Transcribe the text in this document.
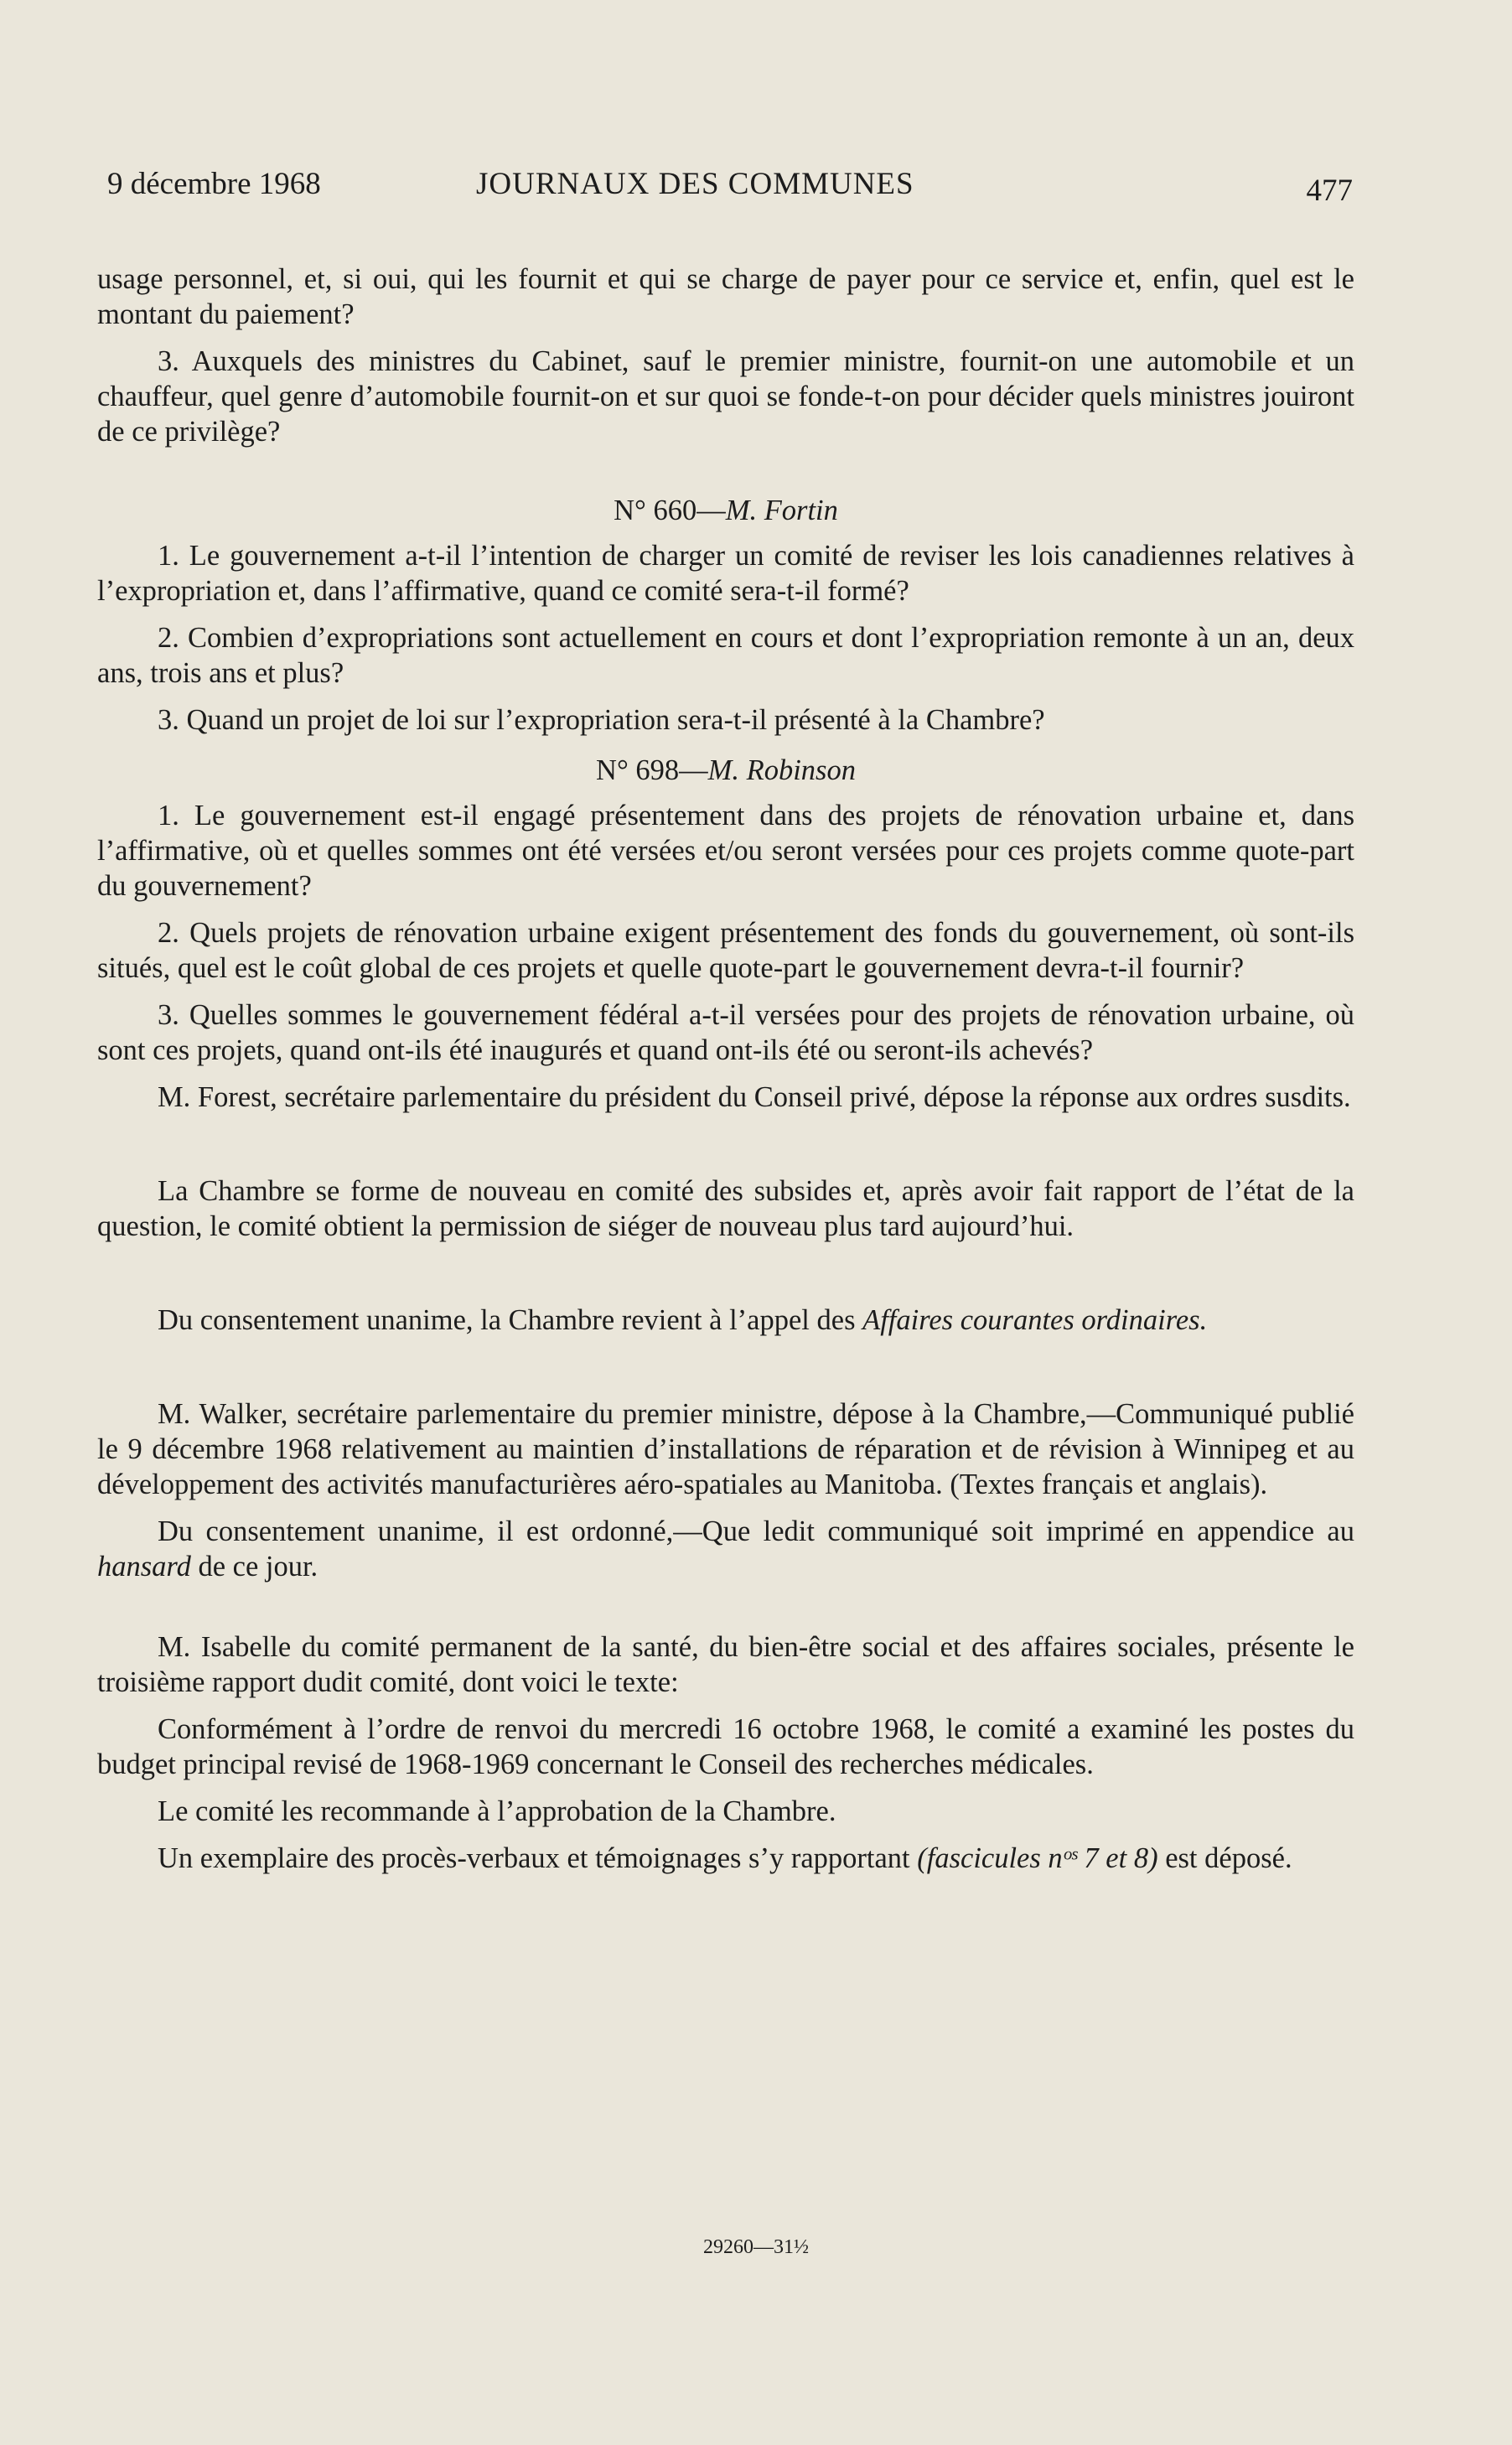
9 décembre 1968	JOURNAUX DES COMMUNES	477

usage personnel, et, si oui, qui les fournit et qui se charge de payer pour ce service et, enfin, quel est le montant du paiement?

3. Auxquels des ministres du Cabinet, sauf le premier ministre, fournit-on une automobile et un chauffeur, quel genre d’automobile fournit-on et sur quoi se fonde-t-on pour décider quels ministres jouiront de ce privilège?

N° 660—M. Fortin

1. Le gouvernement a-t-il l’intention de charger un comité de reviser les lois canadiennes relatives à l’expropriation et, dans l’affirmative, quand ce comité sera-t-il formé?

2. Combien d’expropriations sont actuellement en cours et dont l’expropriation remonte à un an, deux ans, trois ans et plus?

3. Quand un projet de loi sur l’expropriation sera-t-il présenté à la Chambre?

N° 698—M. Robinson

1. Le gouvernement est-il engagé présentement dans des projets de rénovation urbaine et, dans l’affirmative, où et quelles sommes ont été versées et/ou seront versées pour ces projets comme quote-part du gouvernement?

2. Quels projets de rénovation urbaine exigent présentement des fonds du gouvernement, où sont-ils situés, quel est le coût global de ces projets et quelle quote-part le gouvernement devra-t-il fournir?

3. Quelles sommes le gouvernement fédéral a-t-il versées pour des projets de rénovation urbaine, où sont ces projets, quand ont-ils été inaugurés et quand ont-ils été ou seront-ils achevés?

M. Forest, secrétaire parlementaire du président du Conseil privé, dépose la réponse aux ordres susdits.

La Chambre se forme de nouveau en comité des subsides et, après avoir fait rapport de l’état de la question, le comité obtient la permission de siéger de nouveau plus tard aujourd’hui.

Du consentement unanime, la Chambre revient à l’appel des Affaires courantes ordinaires.

M. Walker, secrétaire parlementaire du premier ministre, dépose à la Chambre,—Communiqué publié le 9 décembre 1968 relativement au maintien d’installations de réparation et de révision à Winnipeg et au développement des activités manufacturières aéro-spatiales au Manitoba. (Textes français et anglais).

Du consentement unanime, il est ordonné,—Que ledit communiqué soit imprimé en appendice au hansard de ce jour.

M. Isabelle du comité permanent de la santé, du bien-être social et des affaires sociales, présente le troisième rapport dudit comité, dont voici le texte:

Conformément à l’ordre de renvoi du mercredi 16 octobre 1968, le comité a examiné les postes du budget principal revisé de 1968-1969 concernant le Conseil des recherches médicales.

Le comité les recommande à l’approbation de la Chambre.

Un exemplaire des procès-verbaux et témoignages s’y rapportant (fascicules nᵒˢ 7 et 8) est déposé.

29260—31½
